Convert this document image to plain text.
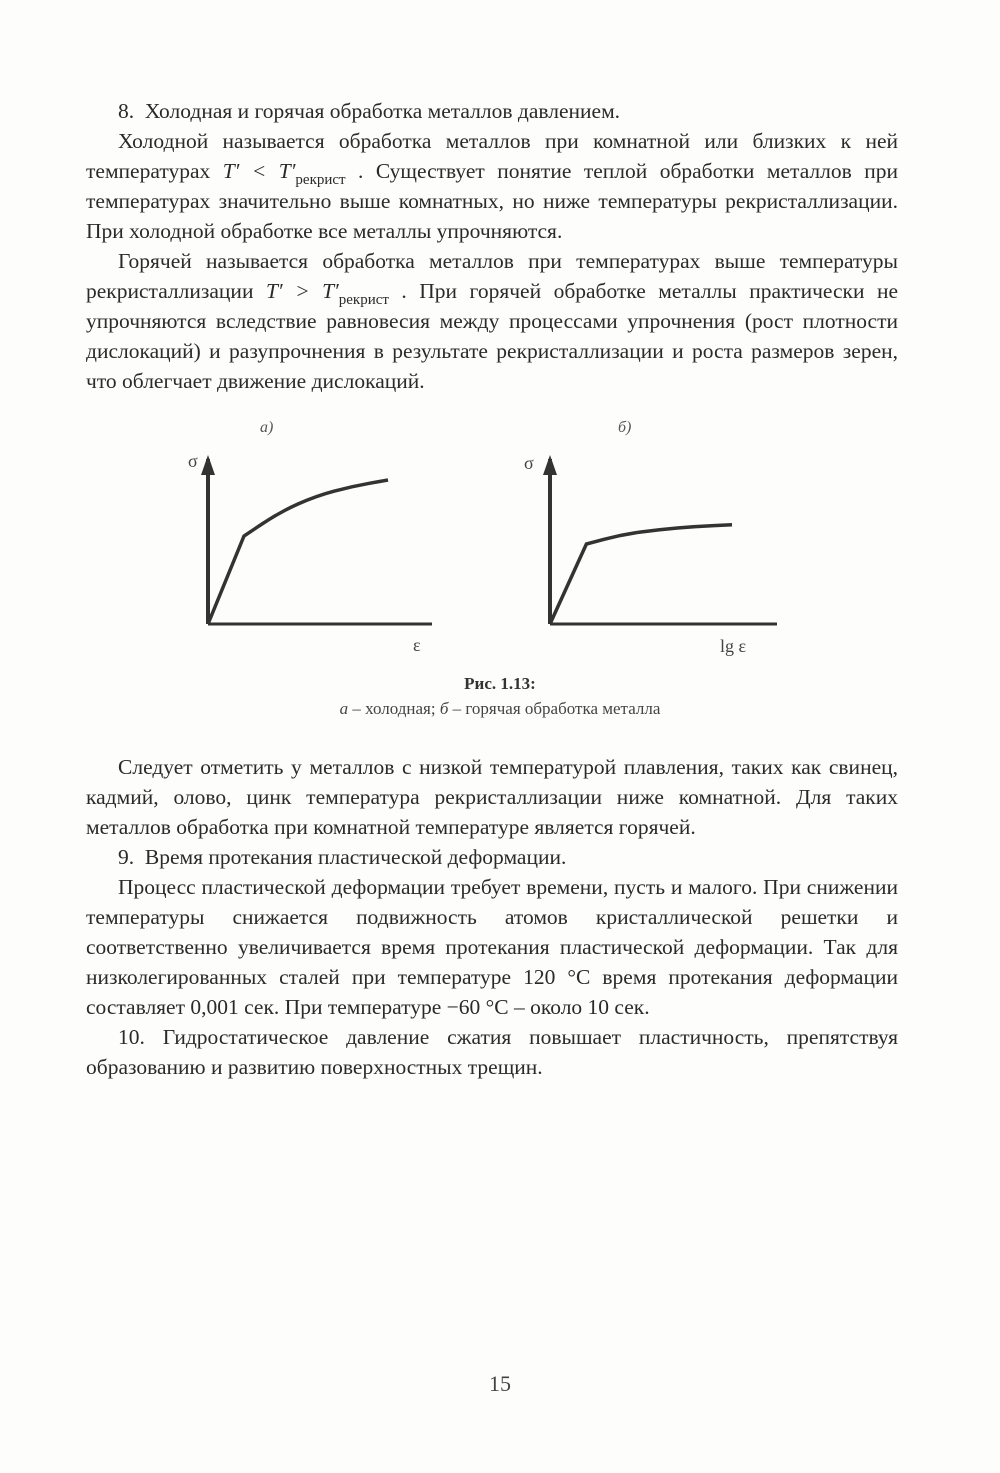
8. Холодная и горячая обработка металлов давлением.

Холодной называется обработка металлов при комнатной или близких к ней температурах $T' < T'_{рекрист}$ . Существует понятие теплой обработки металлов при температурах значительно выше комнатных, но ниже температуры рекристаллизации. При холодной обработке все металлы упрочняются.

Горячей называется обработка металлов при температурах выше температуры рекристаллизации $T' > T'_{рекрист}$ . При горячей обработке металлы практически не упрочняются вследствие равновесия между процессами упрочнения (рост плотности дислокаций) и разупрочнения в результате рекристаллизации и роста размеров зерен, что облегчает движение дислокаций.

а)	б)
σ
ε
σ
lg ε
Рис. 1.13:
а – холодная; б – горячая обработка металла

Следует отметить у металлов с низкой температурой плавления, таких как свинец, кадмий, олово, цинк температура рекристаллизации ниже комнатной. Для таких металлов обработка при комнатной температуре является горячей.

9. Время протекания пластической деформации.

Процесс пластической деформации требует времени, пусть и малого. При снижении температуры снижается подвижность атомов кристаллической решетки и соответственно увеличивается время протекания пластической деформации. Так для низколегированных сталей при температуре 120 °С время протекания деформации составляет 0,001 сек. При температуре −60 °С – около 10 сек.

10. Гидростатическое давление сжатия повышает пластичность, препятствуя образованию и развитию поверхностных трещин.

15
